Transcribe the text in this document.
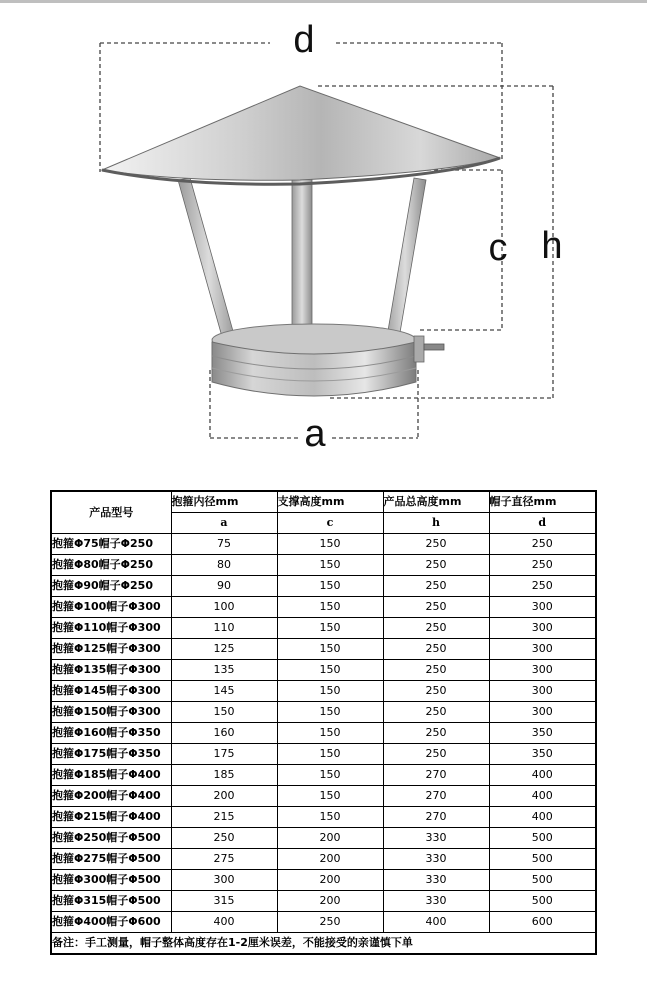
d
h
c
a
产品型号	抱箍内径mm	支撑高度mm	产品总高度mm	帽子直径mm
	a	c	h	d
抱箍Φ75帽子Φ250	75	150	250	250
抱箍Φ80帽子Φ250	80	150	250	250
抱箍Φ90帽子Φ250	90	150	250	250
抱箍Φ100帽子Φ300	100	150	250	300
抱箍Φ110帽子Φ300	110	150	250	300
抱箍Φ125帽子Φ300	125	150	250	300
抱箍Φ135帽子Φ300	135	150	250	300
抱箍Φ145帽子Φ300	145	150	250	300
抱箍Φ150帽子Φ300	150	150	250	300
抱箍Φ160帽子Φ350	160	150	250	350
抱箍Φ175帽子Φ350	175	150	250	350
抱箍Φ185帽子Φ400	185	150	270	400
抱箍Φ200帽子Φ400	200	150	270	400
抱箍Φ215帽子Φ400	215	150	270	400
抱箍Φ250帽子Φ500	250	200	330	500
抱箍Φ275帽子Φ500	275	200	330	500
抱箍Φ300帽子Φ500	300	200	330	500
抱箍Φ315帽子Φ500	315	200	330	500
抱箍Φ400帽子Φ600	400	250	400	600
备注：手工测量，帽子整体高度存在1-2厘米误差，不能接受的亲谨慎下单				
